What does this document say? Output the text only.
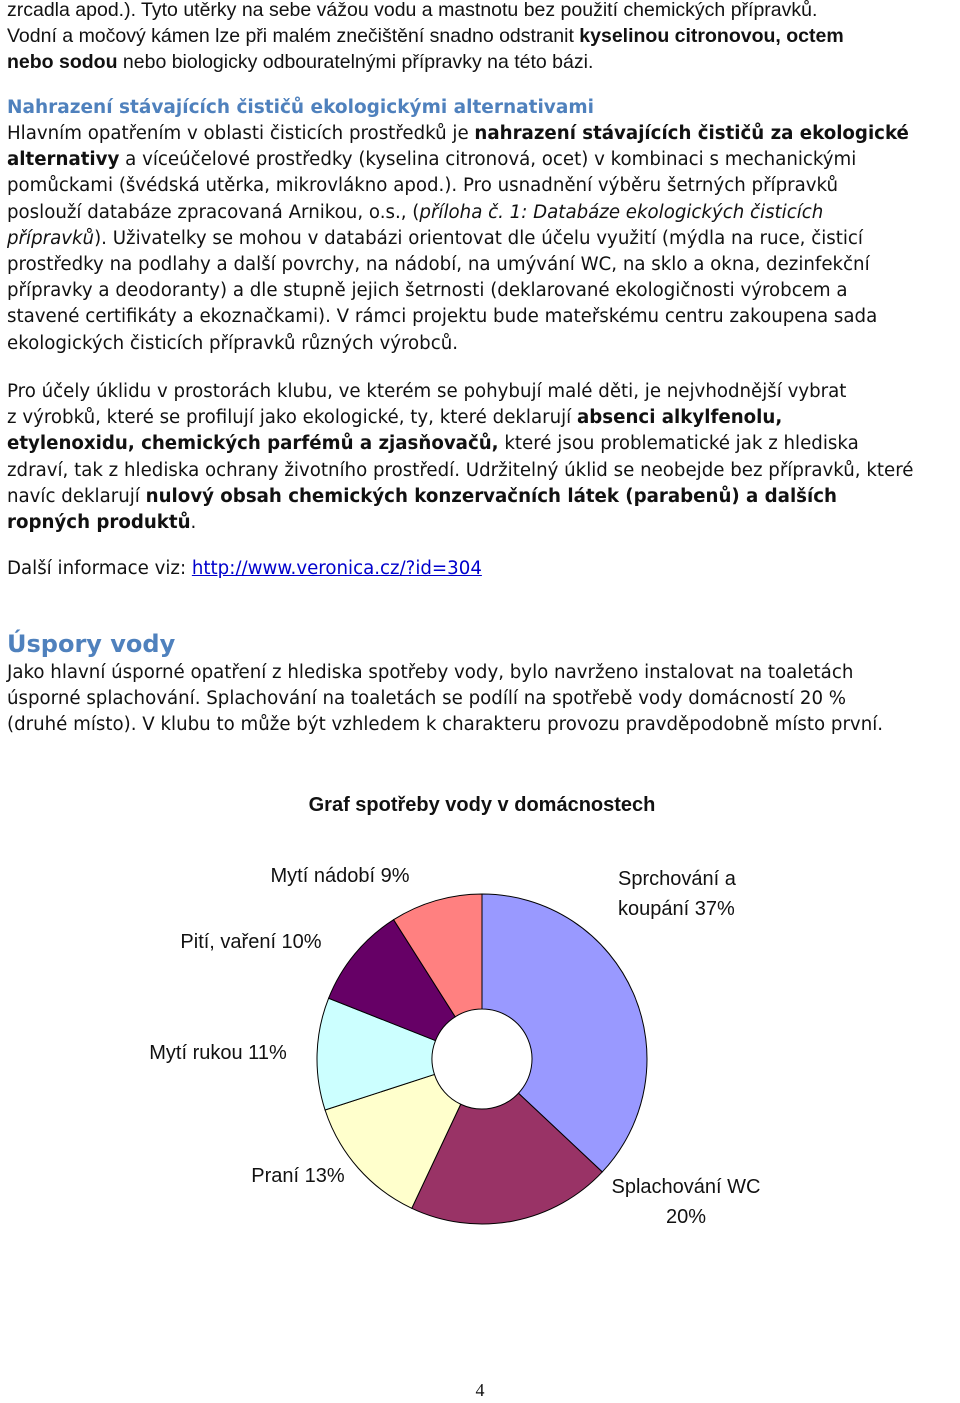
zrcadla apod.). Tyto utěrky na sebe vážou vodu a mastnotu bez použití chemických přípravků.
Vodní a močový kámen lze při malém znečištění snadno odstranit kyselinou citronovou, octem
nebo sodou nebo biologicky odbouratelnými přípravky na této bázi.
Nahrazení stávajících čističů ekologickými alternativami
Hlavním opatřením v oblasti čisticích prostředků je nahrazení stávajících čističů za ekologické
alternativy a víceúčelové prostředky (kyselina citronová, ocet) v kombinaci s mechanickými
pomůckami (švédská utěrka, mikrovlákno apod.). Pro usnadnění výběru šetrných přípravků
poslouží databáze zpracovaná Arnikou, o.s., (příloha č. 1: Databáze ekologických čisticích
přípravků). Uživatelky se mohou v databázi orientovat dle účelu využití (mýdla na ruce, čisticí
prostředky na podlahy a další povrchy, na nádobí, na umývání WC, na sklo a okna, dezinfekční
přípravky a deodoranty) a dle stupně jejich šetrnosti (deklarované ekologičnosti výrobcem a
stavené certifikáty a ekoznačkami). V rámci projektu bude mateřskému centru zakoupena sada
ekologických čisticích přípravků různých výrobců.
Pro účely úklidu v prostorách klubu, ve kterém se pohybují malé děti, je nejvhodnější vybrat
z výrobků, které se profilují jako ekologické, ty, které deklarují absenci alkylfenolu,
etylenoxidu, chemických parfémů a zjasňovačů, které jsou problematické jak z hlediska
zdraví, tak z hlediska ochrany životního prostředí. Udržitelný úklid se neobejde bez přípravků, které
navíc deklarují nulový obsah chemických konzervačních látek (parabenů) a dalších
ropných produktů.
Další informace viz: http://www.veronica.cz/?id=304
Úspory vody
Jako hlavní úsporné opatření z hlediska spotřeby vody, bylo navrženo instalovat na toaletách
úsporné splachování. Splachování na toaletách se podílí na spotřebě vody domácností 20 %
(druhé místo). V klubu to může být vzhledem k charakteru provozu pravděpodobně místo první.
Graf spotřeby vody v domácnostech
Sprchování a koupání 37%
Splachování WC 20%
Praní 13%
Mytí rukou 11%
Pití, vaření 10%
Mytí nádobí 9%
4
